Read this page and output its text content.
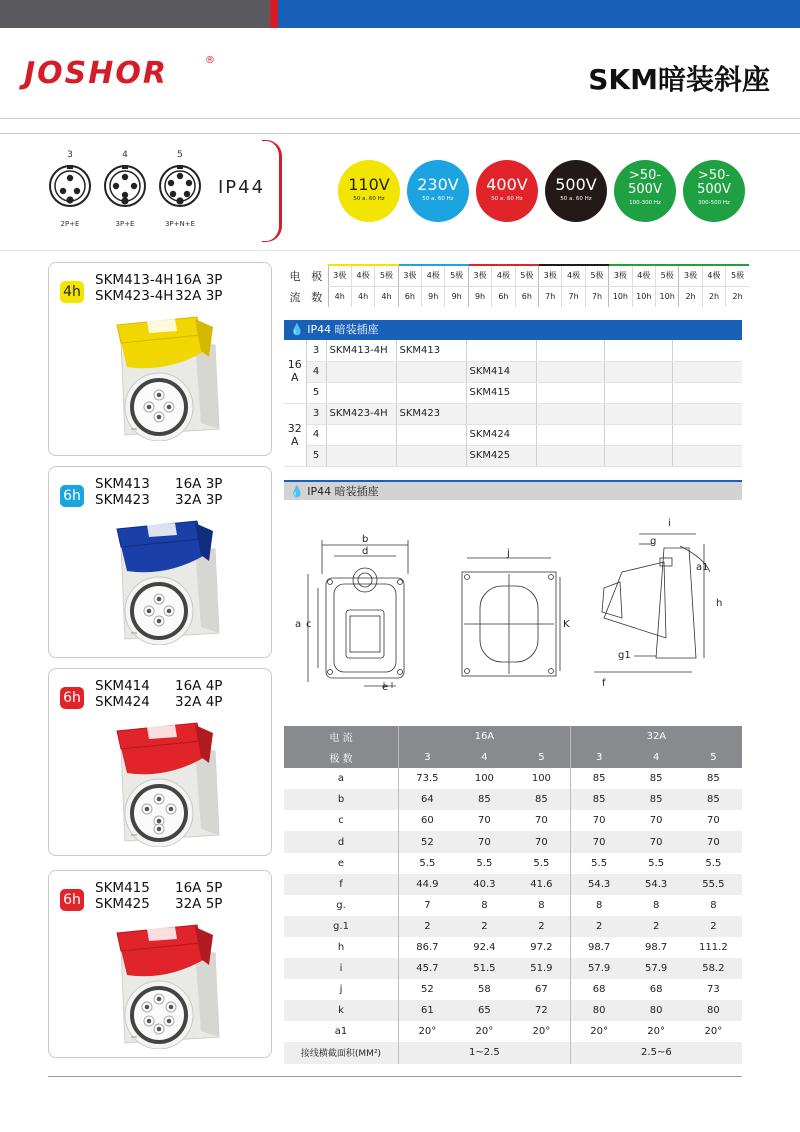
JOSHOR	®
SKM暗装斜座
3
2P+E
4
3P+E
5
3P+N+E
IP44	110V
50 a. 60 Hz
230V
50 a. 60 Hz
400V
50 a. 60 Hz
500V
50 a. 60 Hz
>50-500V
100-300 Hz
>50-500V
300-500 Hz
4h
SKM413-4H 16A 3P
SKM423-4H 32A 3P
6h
SKM413 16A 3P
SKM423 32A 3P
6h
SKM414 16A 4P
SKM424 32A 4P
6h
SKM415 16A 5P
SKM425 32A 5P
电	极	3极	4极	5极	3极	4极	5极	3极	4极	5极	3极	4极	5极	3极	4极	5极	3极	4极	5极
流	数	4h	4h	4h	6h	9h	9h	9h	6h	6h	7h	7h	7h	10h	10h	10h	2h	2h	2h
💧 IP44 暗装插座
16
A	3	SKM413-4H	SKM413				
	4			SKM414			
	5			SKM415			

32
A	3	SKM423-4H	SKM423				
	4			SKM424			
	5			SKM425			
💧 IP44 暗装插座
b
d
a c
e
j
K
i
g
a1
h
g1
f
电 流	16A			32A		
极 数	3	4	5	3	4	5
a	73.5	100	100	85	85	85
b	64	85	85	85	85	85
c	60	70	70	70	70	70
d	52	70	70	70	70	70
e	5.5	5.5	5.5	5.5	5.5	5.5
f	44.9	40.3	41.6	54.3	54.3	55.5
g.	7	8	8	8	8	8
g.1	2	2	2	2	2	2
h	86.7	92.4	97.2	98.7	98.7	111.2
i	45.7	51.5	51.9	57.9	57.9	58.2
j	52	58	67	68	68	73
k	61	65	72	80	80	80
a1	20°	20°	20°	20°	20°	20°
接线横截面积(MM²)	1~2.5			2.5~6		
